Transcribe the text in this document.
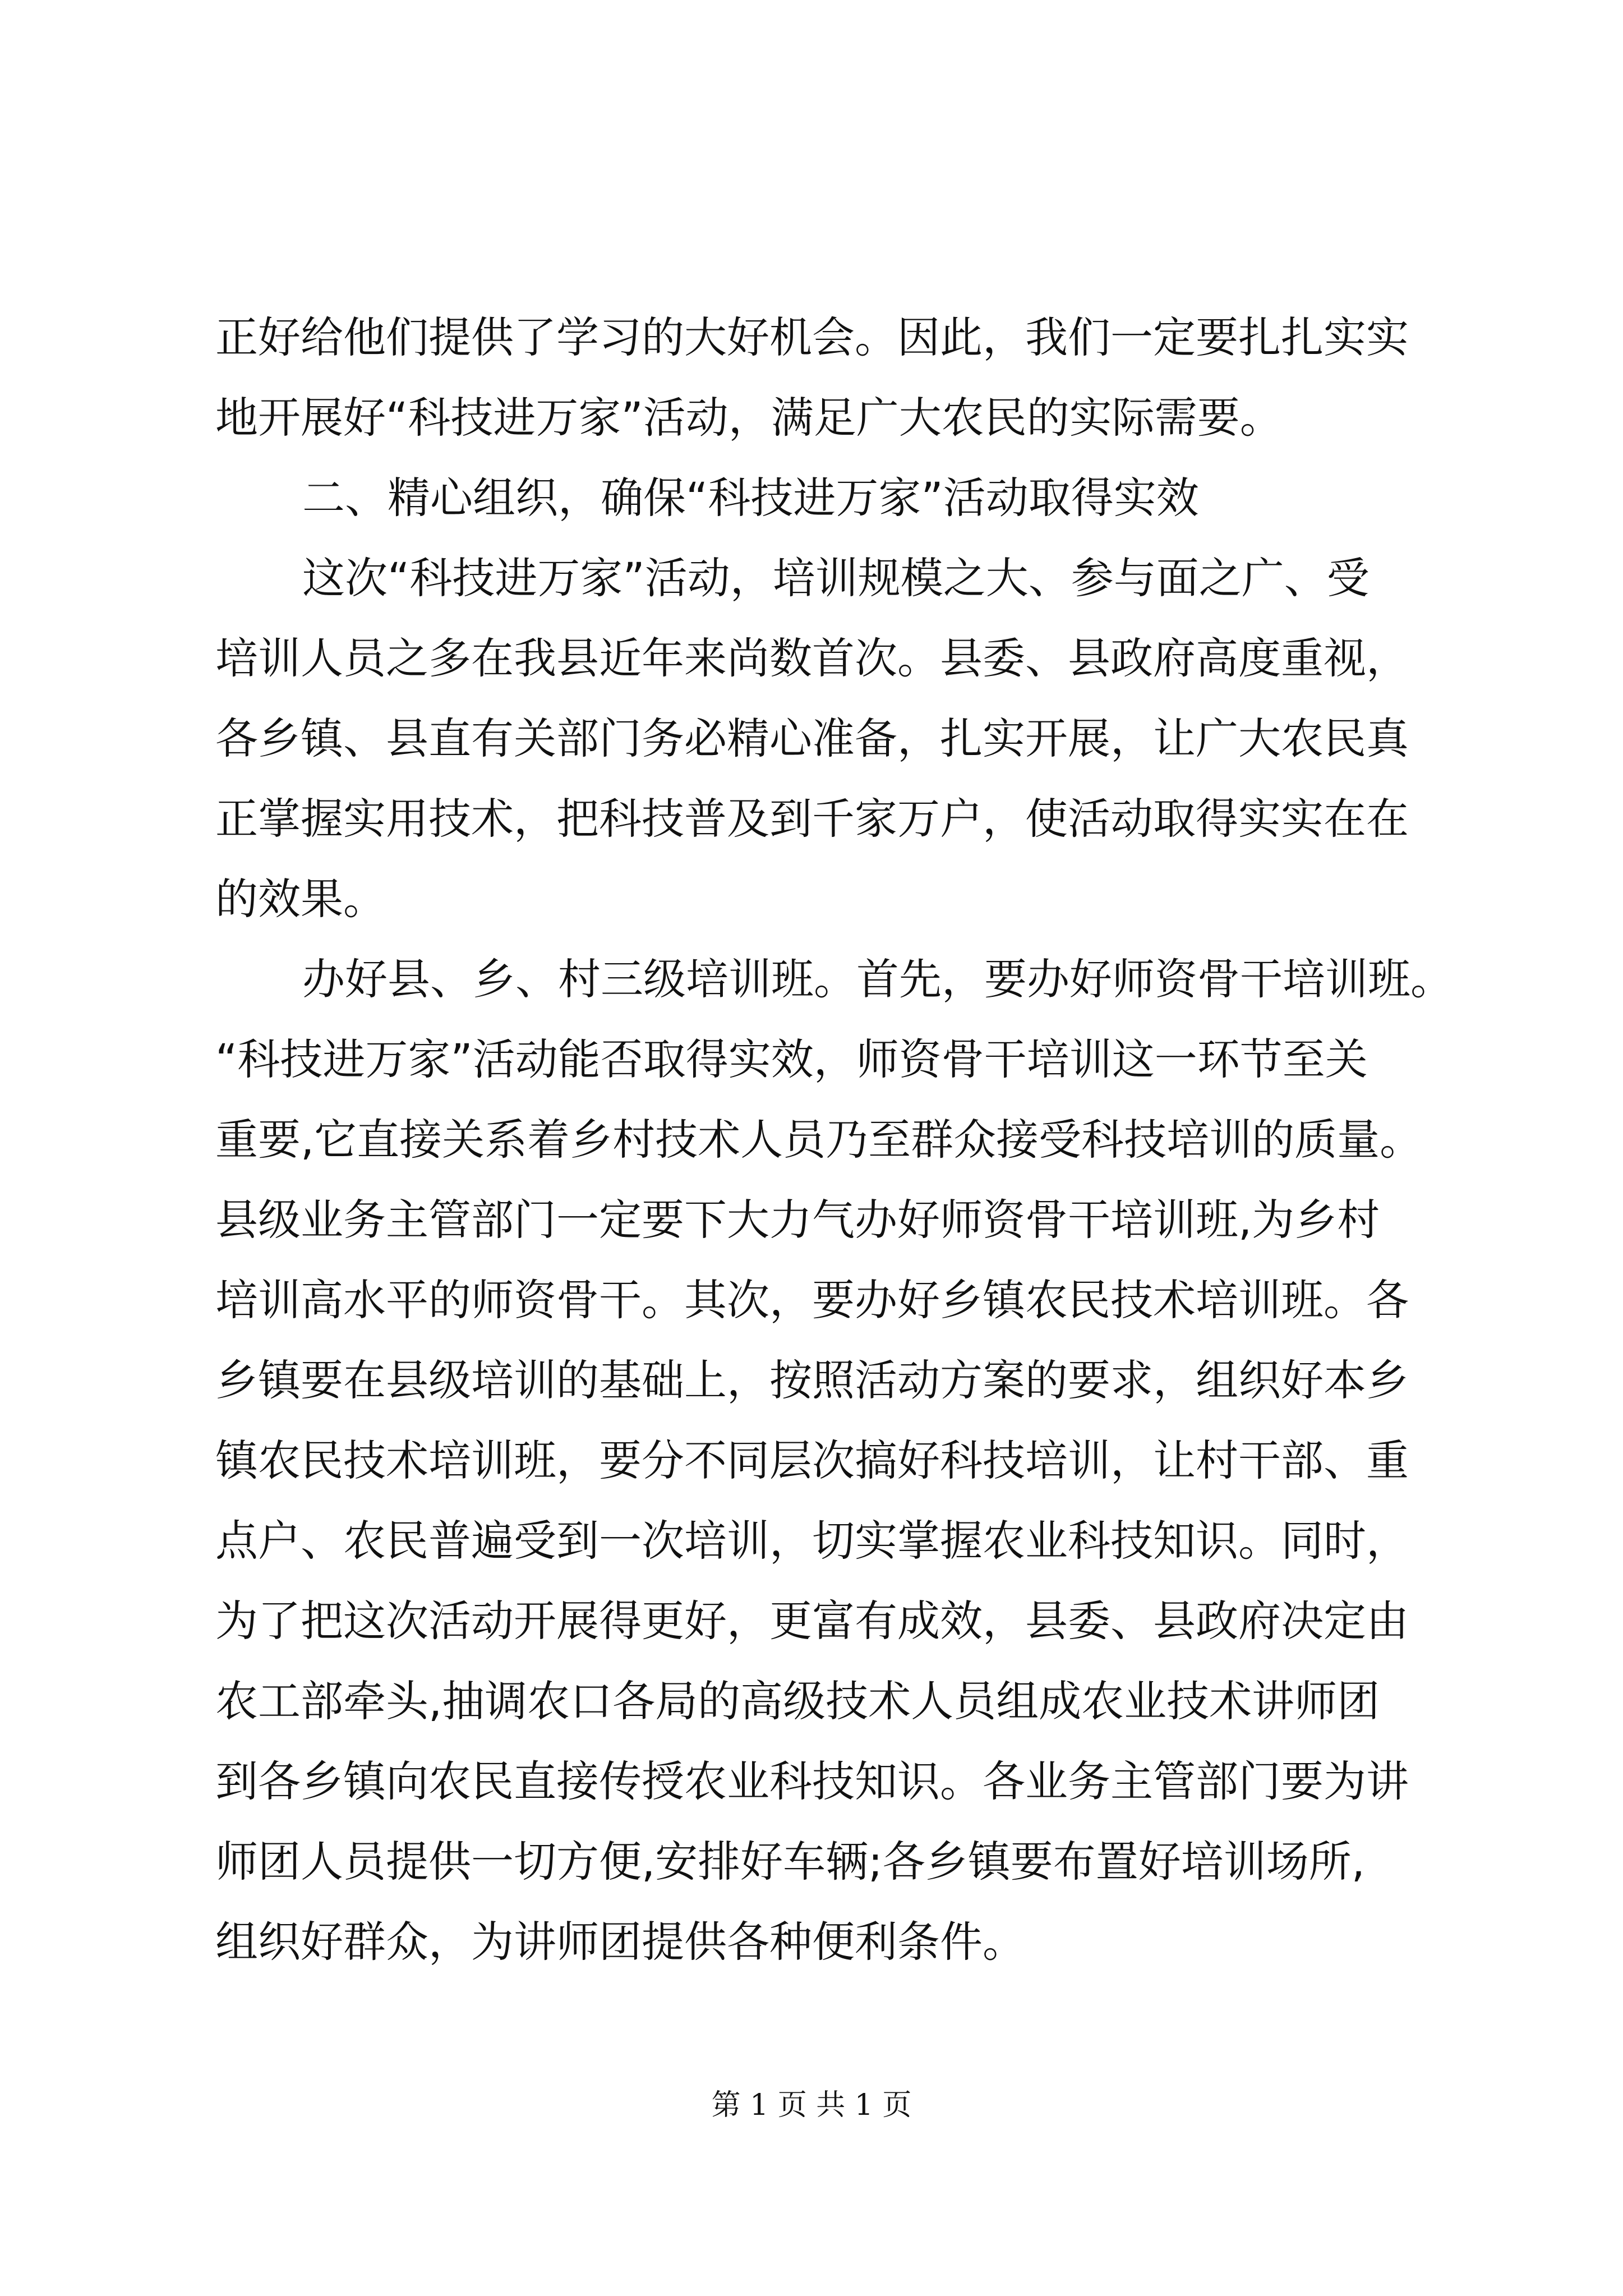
正好给他们提供了学习的大好机会。因此，我们一定要扎扎实实
地开展好“科技进万家”活动，满足广大农民的实际需要。
二、精心组织，确保“科技进万家”活动取得实效
这次“科技进万家”活动，培训规模之大、参与面之广、受
培训人员之多在我县近年来尚数首次。县委、县政府高度重视，
各乡镇、县直有关部门务必精心准备，扎实开展，让广大农民真
正掌握实用技术，把科技普及到千家万户，使活动取得实实在在
的效果。
办好县、乡、村三级培训班。首先，要办好师资骨干培训班。
“科技进万家”活动能否取得实效，师资骨干培训这一环节至关
重要,它直接关系着乡村技术人员乃至群众接受科技培训的质量。
县级业务主管部门一定要下大力气办好师资骨干培训班,为乡村
培训高水平的师资骨干。其次，要办好乡镇农民技术培训班。各
乡镇要在县级培训的基础上，按照活动方案的要求，组织好本乡
镇农民技术培训班，要分不同层次搞好科技培训，让村干部、重
点户、农民普遍受到一次培训，切实掌握农业科技知识。同时，
为了把这次活动开展得更好，更富有成效，县委、县政府决定由
农工部牵头,抽调农口各局的高级技术人员组成农业技术讲师团
到各乡镇向农民直接传授农业科技知识。各业务主管部门要为讲
师团人员提供一切方便,安排好车辆;各乡镇要布置好培训场所,
组织好群众，为讲师团提供各种便利条件。
第 1 页 共 1 页
